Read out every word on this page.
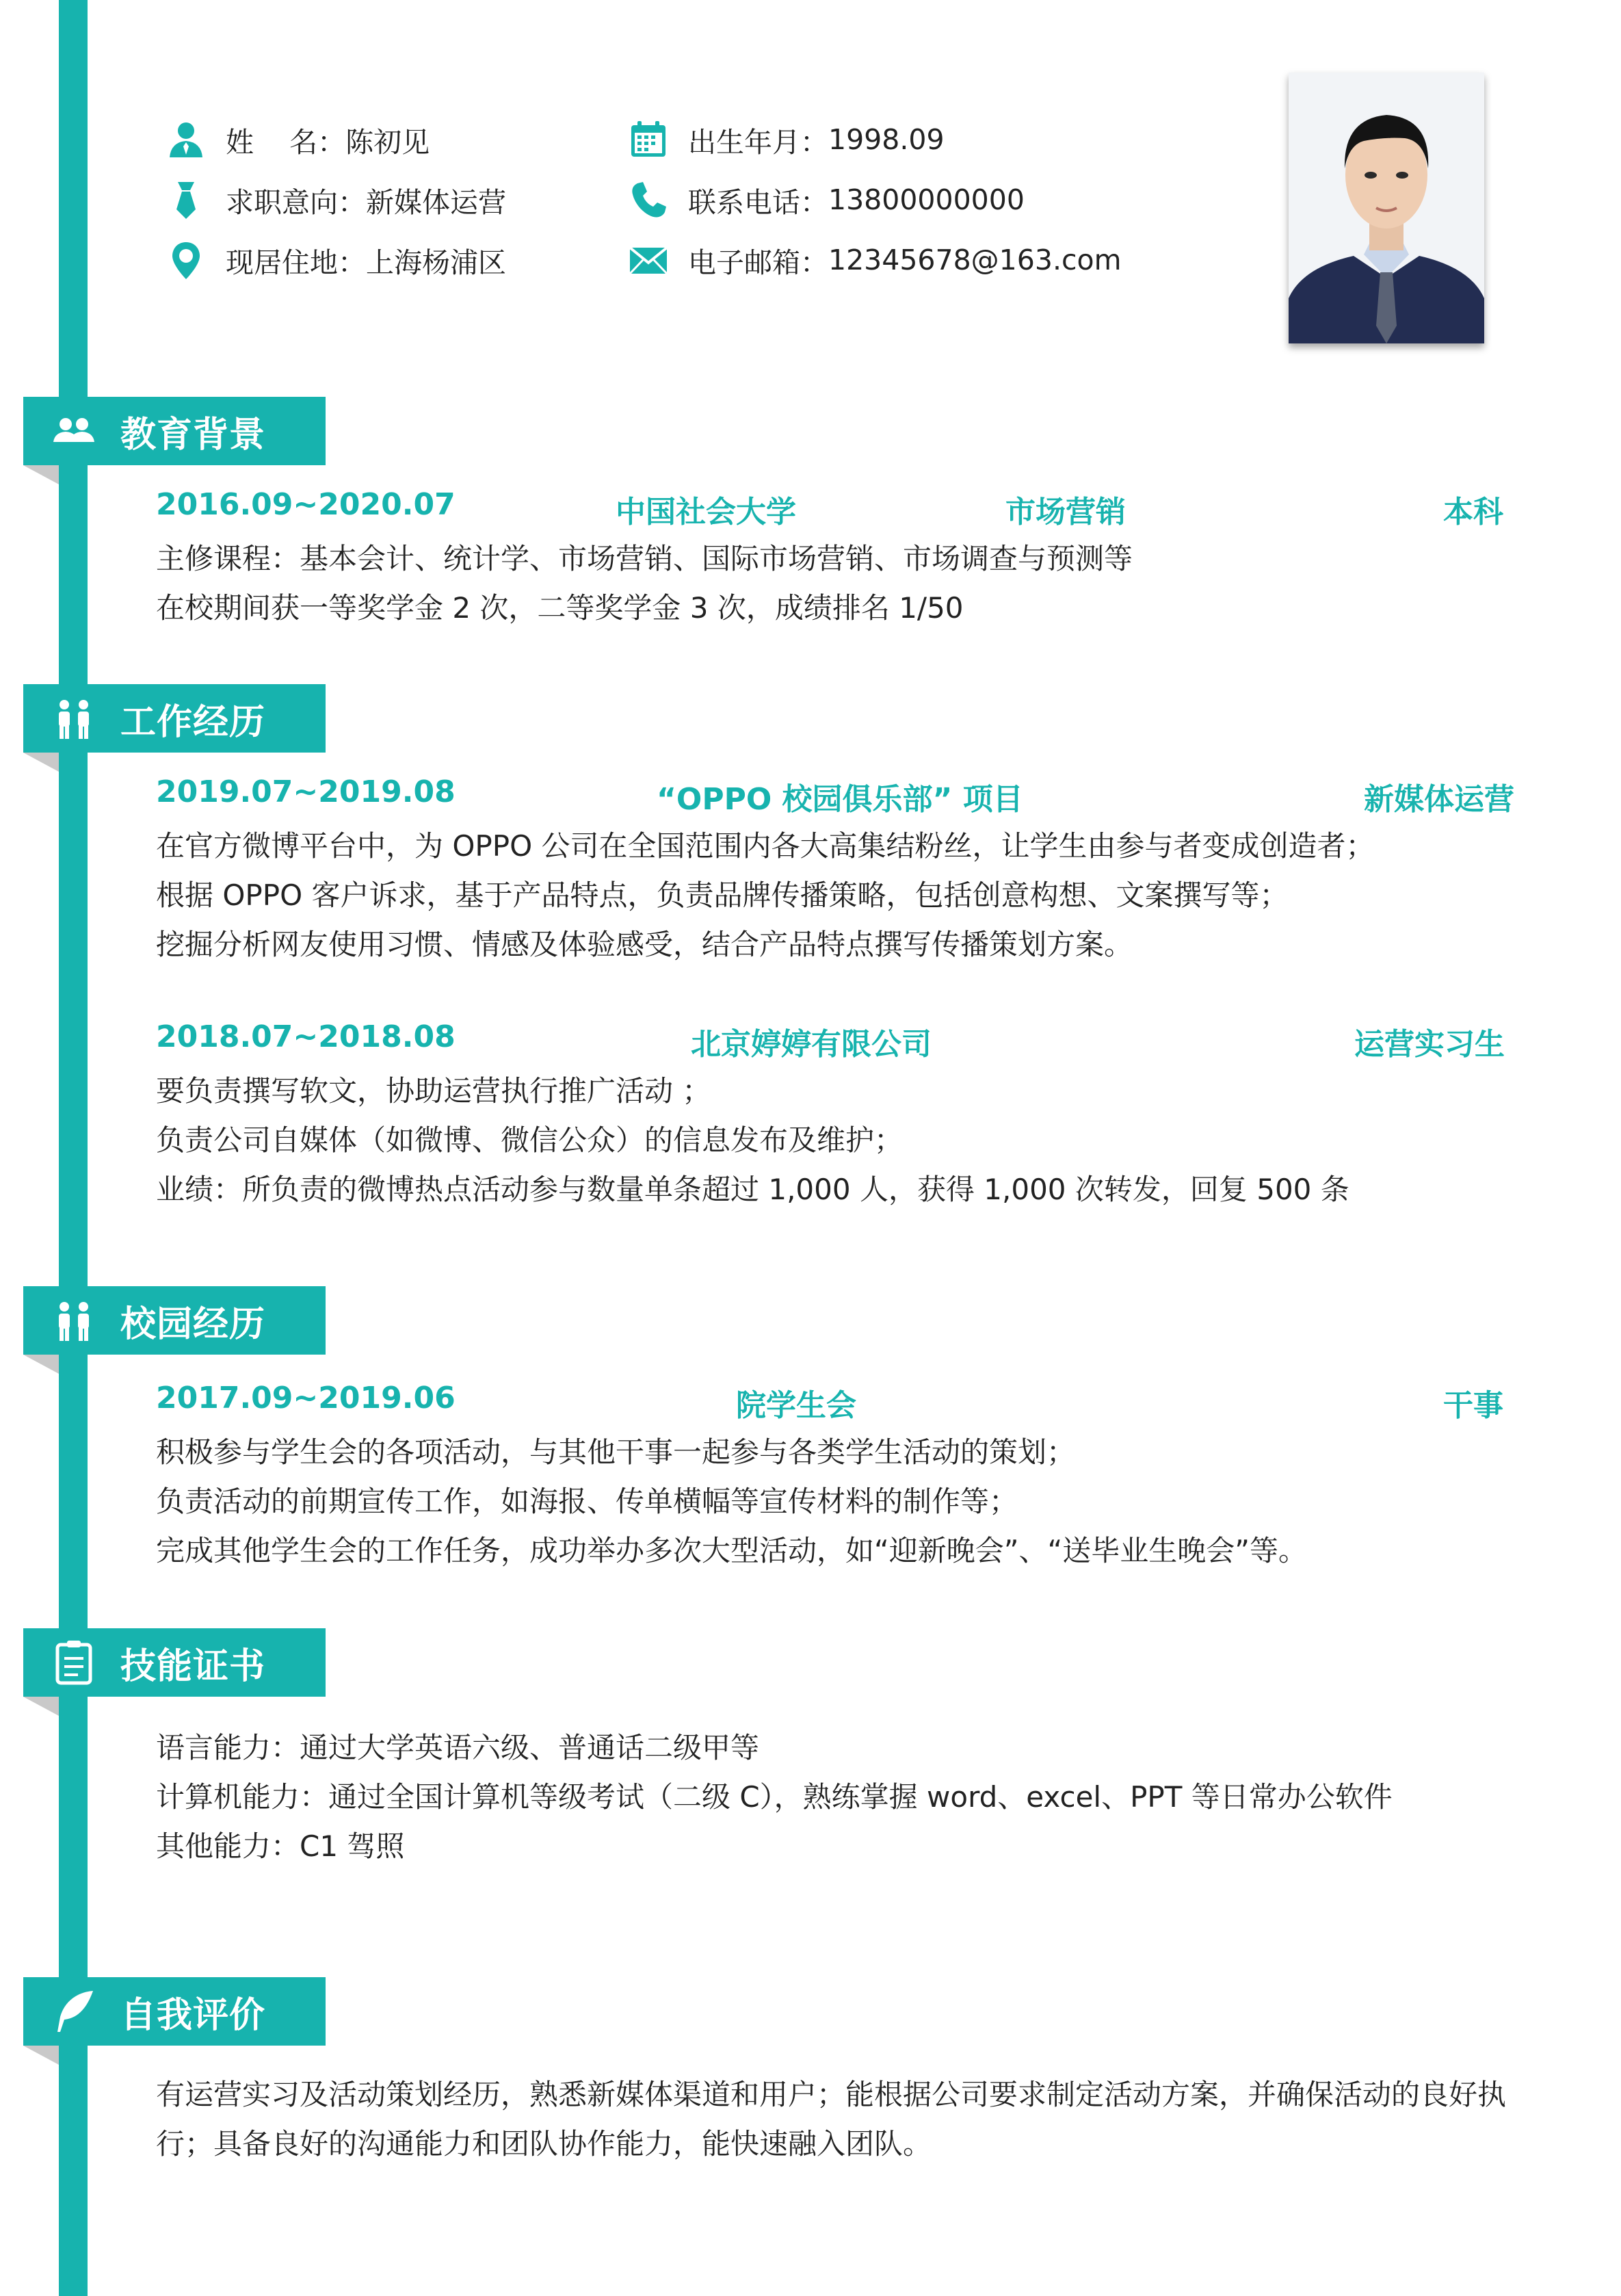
姓    名： 陈初见
求职意向： 新媒体运营
现居住地： 上海杨浦区
出生年月： 1998.09
联系电话： 13800000000
电子邮箱： 12345678@163.com
教育背景
2016.09~2020.07	中国社会大学	市场营销	本科
主修课程：基本会计、统计学、市场营销、国际市场营销、市场调查与预测等
在校期间获一等奖学金 2 次，二等奖学金 3 次，成绩排名 1/50
工作经历
2019.07~2019.08	“OPPO 校园俱乐部” 项目	新媒体运营
在官方微博平台中，为 OPPO 公司在全国范围内各大高集结粉丝，让学生由参与者变成创造者；
根据 OPPO 客户诉求，基于产品特点，负责品牌传播策略，包括创意构想、文案撰写等；
挖掘分析网友使用习惯、情感及体验感受，结合产品特点撰写传播策划方案。
2018.07~2018.08	北京婷婷有限公司	运营实习生
要负责撰写软文，协助运营执行推广活动 ；
负责公司自媒体（如微博、微信公众）的信息发布及维护；
业绩：所负责的微博热点活动参与数量单条超过 1,000 人，获得 1,000 次转发，回复 500 条
校园经历
2017.09~2019.06	院学生会	干事
积极参与学生会的各项活动，与其他干事一起参与各类学生活动的策划；
负责活动的前期宣传工作，如海报、传单横幅等宣传材料的制作等；
完成其他学生会的工作任务，成功举办多次大型活动，如“迎新晚会”、“送毕业生晚会”等。
技能证书
语言能力：通过大学英语六级、普通话二级甲等
计算机能力：通过全国计算机等级考试（二级 C），熟练掌握 word、excel、PPT 等日常办公软件
其他能力：C1 驾照
自我评价
有运营实习及活动策划经历，熟悉新媒体渠道和用户；能根据公司要求制定活动方案，并确保活动的良好执行；具备良好的沟通能力和团队协作能力，能快速融入团队。
